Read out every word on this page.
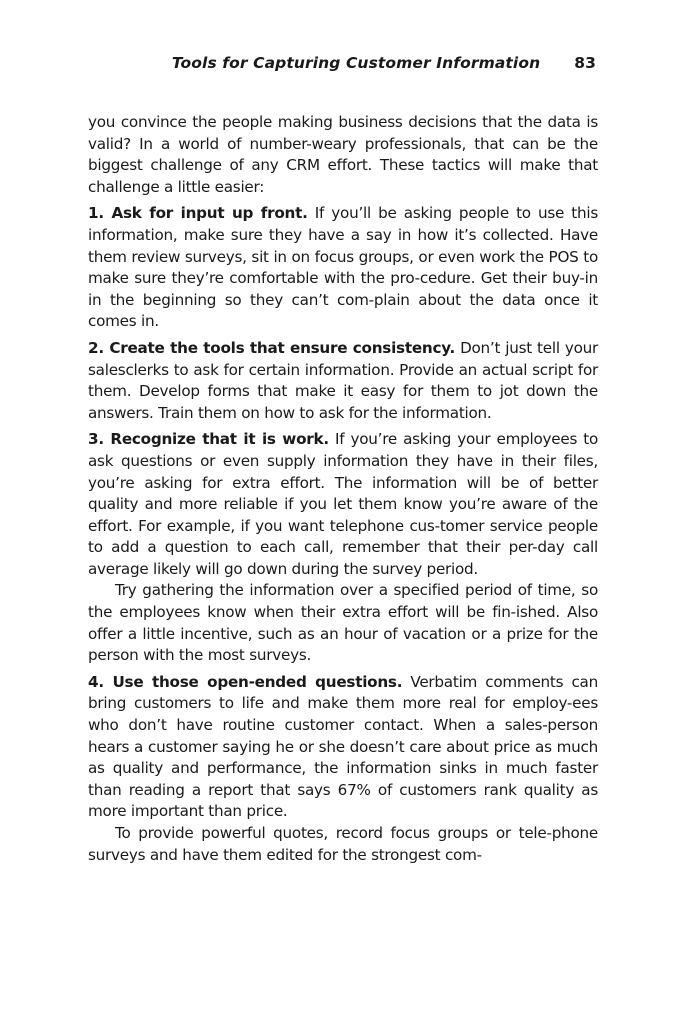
Tools for Capturing Customer Information 83

you convince the people making business decisions that the data is valid? In a world of number-weary professionals, that can be the biggest challenge of any CRM effort. These tactics will make that challenge a little easier:

1. Ask for input up front. If you’ll be asking people to use this information, make sure they have a say in how it’s collected. Have them review surveys, sit in on focus groups, or even work the POS to make sure they’re comfortable with the pro-cedure. Get their buy-in in the beginning so they can’t com-plain about the data once it comes in.

2. Create the tools that ensure consistency. Don’t just tell your salesclerks to ask for certain information. Provide an actual script for them. Develop forms that make it easy for them to jot down the answers. Train them on how to ask for the information.

3. Recognize that it is work. If you’re asking your employees to ask questions or even supply information they have in their files, you’re asking for extra effort. The information will be of better quality and more reliable if you let them know you’re aware of the effort. For example, if you want telephone cus-tomer service people to add a question to each call, remember that their per-day call average likely will go down during the survey period.

Try gathering the information over a specified period of time, so the employees know when their extra effort will be fin-ished. Also offer a little incentive, such as an hour of vacation or a prize for the person with the most surveys.

4. Use those open-ended questions. Verbatim comments can bring customers to life and make them more real for employ-ees who don’t have routine customer contact. When a sales-person hears a customer saying he or she doesn’t care about price as much as quality and performance, the information sinks in much faster than reading a report that says 67% of customers rank quality as more important than price.

To provide powerful quotes, record focus groups or tele-phone surveys and have them edited for the strongest com-
